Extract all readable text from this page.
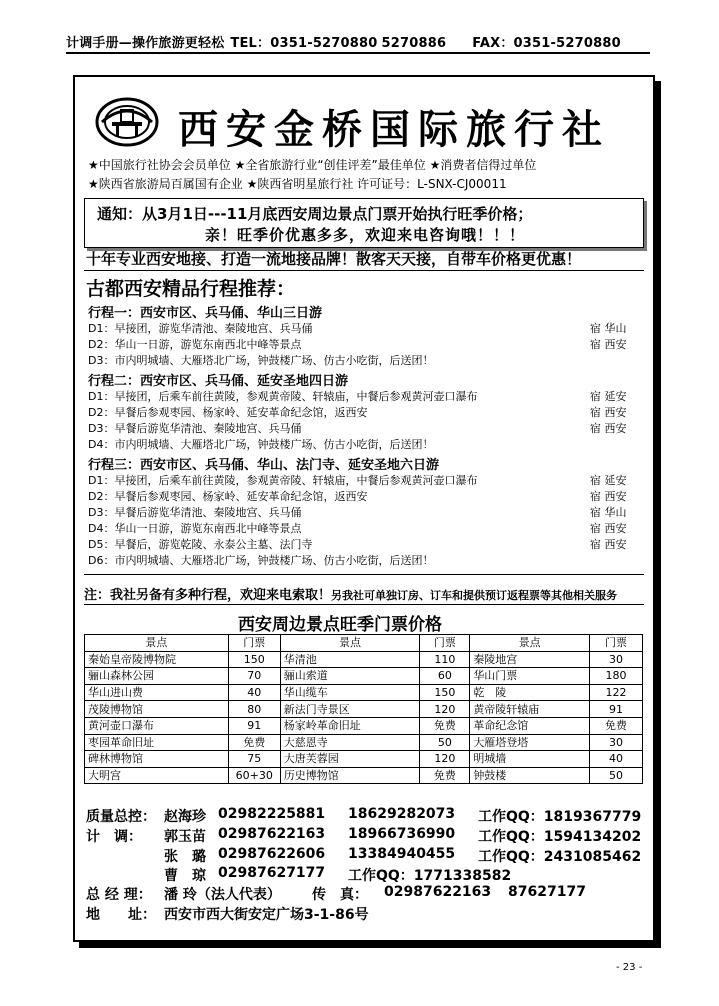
计调手册—操作旅游更轻松 TEL：0351-5270880 5270886 FAX：0351-5270880
西安金桥国际旅行社
★中国旅行社协会会员单位 ★全省旅游行业“创佳评差”最佳单位 ★消费者信得过单位
★陕西省旅游局百属国有企业 ★陕西省明星旅行社 许可证号：L-SNX-CJ00011
通知：从3月1日---11月底西安周边景点门票开始执行旺季价格；
亲！旺季价优惠多多，欢迎来电咨询哦！！！
十年专业西安地接、打造一流地接品牌！散客天天接，自带车价格更优惠！
古都西安精品行程推荐：
行程一：西安市区、兵马俑、华山三日游
D1：早接团，游览华清池、秦陵地宫、兵马俑	宿 华山
D2：华山一日游，游览东南西北中峰等景点	宿 西安
D3：市内明城墙、大雁塔北广场，钟鼓楼广场、仿古小吃街，后送团！
行程二：西安市区、兵马俑、延安圣地四日游
D1：早接团，后乘车前往黄陵，参观黄帝陵、轩辕庙，中餐后参观黄河壶口瀑布	宿 延安
D2：早餐后参观枣园、杨家岭、延安革命纪念馆，返西安	宿 西安
D3：早餐后游览华清池、秦陵地宫、兵马俑	宿 西安
D4：市内明城墙、大雁塔北广场，钟鼓楼广场、仿古小吃街，后送团！
行程三：西安市区、兵马俑、华山、法门寺、延安圣地六日游
D1：早接团，后乘车前往黄陵，参观黄帝陵、轩辕庙，中餐后参观黄河壶口瀑布	宿 延安
D2：早餐后参观枣园、杨家岭、延安革命纪念馆，返西安	宿 西安
D3：早餐后游览华清池、秦陵地宫、兵马俑	宿 华山
D4：华山一日游，游览东南西北中峰等景点	宿 西安
D5：早餐后，游览乾陵、永泰公主墓、法门寺	宿 西安
D6：市内明城墙、大雁塔北广场，钟鼓楼广场、仿古小吃街，后送团！
注：我社另备有多种行程，欢迎来电索取！另我社可单独订房、订车和提供预订返程票等其他相关服务
西安周边景点旺季门票价格
景点	门票	景点	门票	景点	门票
秦始皇帝陵博物院	150	华清池	110	秦陵地宫	30
骊山森林公园	70	骊山索道	60	华山门票	180
华山进山费	40	华山缆车	150	乾　陵	122
茂陵博物馆	80	新法门寺景区	120	黄帝陵轩辕庙	91
黄河壶口瀑布	91	杨家岭革命旧址	免费	革命纪念馆	免费
枣园革命旧址	免费	大慈恩寺	50	大雁塔登塔	30
碑林博物馆	75	大唐芙蓉园	120	明城墙	40
大明宫	60+30	历史博物馆	免费	钟鼓楼	50
质量总控： 赵海珍 02982225881 18629282073 工作QQ：1819367779
计　调： 郭玉苗 02987622163 18966736990 工作QQ：1594134202
张　璐 02987622606 13384940455 工作QQ：2431085462
曹　琼 02987627177 工作QQ：1771338582
总 经 理： 潘 玲（法人代表） 传　真： 02987622163 87627177
地　　址： 西安市西大街安定广场3-1-86号
- 23 -
